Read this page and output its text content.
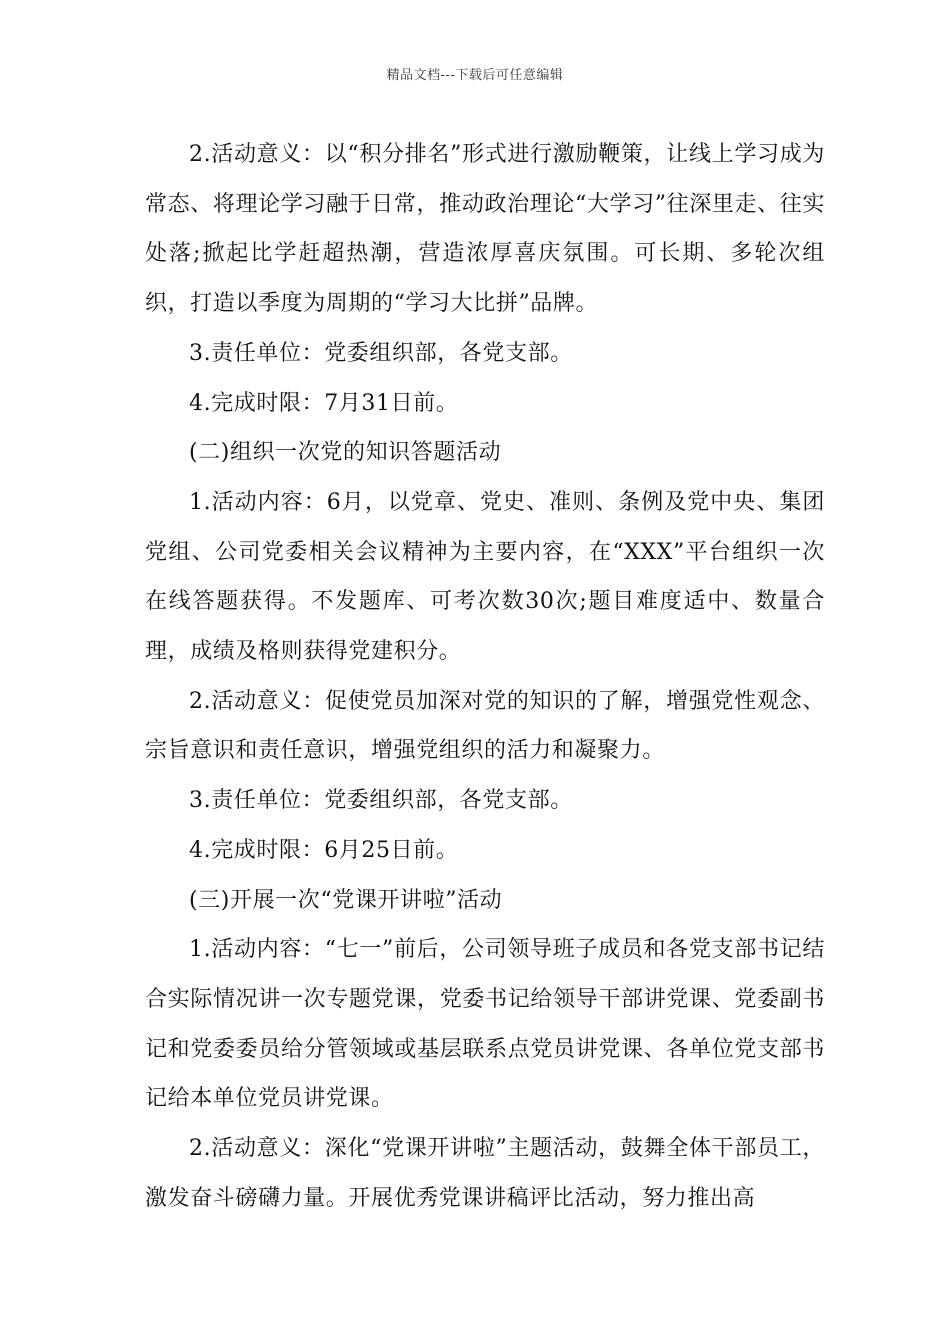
精品文档---下载后可任意编辑

2.活动意义：以“积分排名”形式进行激励鞭策，让线上学习成为常态、将理论学习融于日常，推动政治理论“大学习”往深里走、往实处落;掀起比学赶超热潮，营造浓厚喜庆氛围。可长期、多轮次组织，打造以季度为周期的“学习大比拼”品牌。

3.责任单位：党委组织部，各党支部。

4.完成时限：7月31日前。

(二)组织一次党的知识答题活动

1.活动内容：6月，以党章、党史、准则、条例及党中央、集团党组、公司党委相关会议精神为主要内容，在“XXX”平台组织一次在线答题获得。不发题库、可考次数30次;题目难度适中、数量合理，成绩及格则获得党建积分。

2.活动意义：促使党员加深对党的知识的了解，增强党性观念、宗旨意识和责任意识，增强党组织的活力和凝聚力。

3.责任单位：党委组织部，各党支部。

4.完成时限：6月25日前。

(三)开展一次“党课开讲啦”活动

1.活动内容：“七一”前后，公司领导班子成员和各党支部书记结合实际情况讲一次专题党课，党委书记给领导干部讲党课、党委副书记和党委委员给分管领域或基层联系点党员讲党课、各单位党支部书记给本单位党员讲党课。

2.活动意义：深化“党课开讲啦”主题活动，鼓舞全体干部员工，激发奋斗磅礴力量。开展优秀党课讲稿评比活动，努力推出高
